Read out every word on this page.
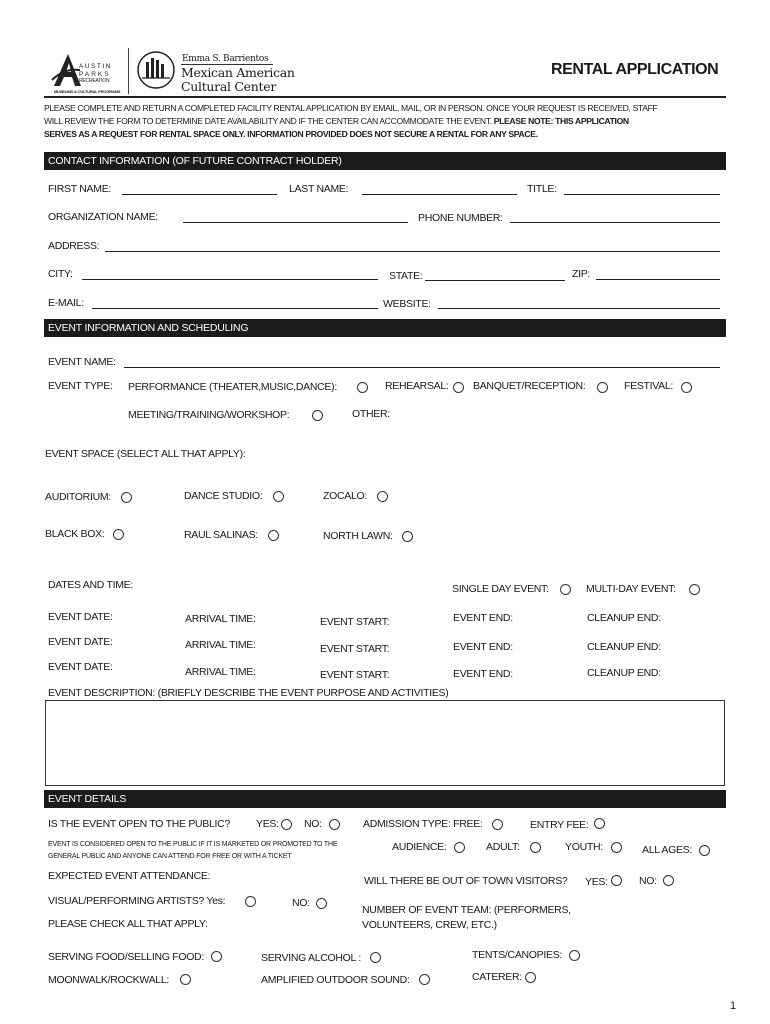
AUSTIN
PARKS
RECREATION
MUSEUMS & CULTURAL PROGRAMS
Emma S. Barrientos
Mexican American
Cultural Center
RENTAL APPLICATION
PLEASE COMPLETE AND RETURN A COMPLETED FACILITY RENTAL APPLICATION BY EMAIL, MAIL, OR IN PERSON. ONCE YOUR REQUEST IS RECEIVED, STAFF
WILL REVIEW THE FORM TO DETERMINE DATE AVAILABILITY AND IF THE CENTER CAN ACCOMMODATE THE EVENT. PLEASE NOTE: THIS APPLICATION
SERVES AS A REQUEST FOR RENTAL SPACE ONLY. INFORMATION PROVIDED DOES NOT SECURE A RENTAL FOR ANY SPACE.
CONTACT INFORMATION (OF FUTURE CONTRACT HOLDER)
FIRST NAME:	LAST NAME:	TITLE:
ORGANIZATION NAME:	PHONE NUMBER:
ADDRESS:
CITY:	STATE:	ZIP:
E-MAIL:	WEBSITE:
EVENT INFORMATION AND SCHEDULING
EVENT NAME:
EVENT TYPE: PERFORMANCE (THEATER,MUSIC,DANCE):	REHEARSAL: BANQUET/RECEPTION:	FESTIVAL:
MEETING/TRAINING/WORKSHOP:	OTHER:
EVENT SPACE (SELECT ALL THAT APPLY):
AUDITORIUM:	DANCE STUDIO:	ZOCALO:
BLACK BOX:	RAUL SALINAS:	NORTH LAWN:
DATES AND TIME:	SINGLE DAY EVENT:	MULTI-DAY EVENT:
EVENT DATE:	ARRIVAL TIME:	EVENT START:	EVENT END:	CLEANUP END:
EVENT DATE:	ARRIVAL TIME:	EVENT START:	EVENT END:	CLEANUP END:
EVENT DATE:	ARRIVAL TIME:	EVENT START:	EVENT END:	CLEANUP END:
EVENT DESCRIPTION: (BRIEFLY DESCRIBE THE EVENT PURPOSE AND ACTIVITIES)
EVENT DETAILS
IS THE EVENT OPEN TO THE PUBLIC? YES: NO:	ADMISSION TYPE: FREE:	ENTRY FEE:
EVENT IS CONSIDERED OPEN TO THE PUBLIC IF IT IS MARKETED OR PROMOTED TO THE
GENERAL PUBLIC AND ANYONE CAN ATTEND FOR FREE OR WITH A TICKET
AUDIENCE:	ADULT:	YOUTH:	ALL AGES:
EXPECTED EVENT ATTENDANCE:	WILL THERE BE OUT OF TOWN VISITORS? YES:	NO:
VISUAL/PERFORMING ARTISTS? Yes:	NO:
NUMBER OF EVENT TEAM: (PERFORMERS,
VOLUNTEERS, CREW, ETC.)
PLEASE CHECK ALL THAT APPLY:
SERVING FOOD/SELLING FOOD:	SERVING ALCOHOL :	TENTS/CANOPIES:
MOONWALK/ROCKWALL:	AMPLIFIED OUTDOOR SOUND:	CATERER:
1
